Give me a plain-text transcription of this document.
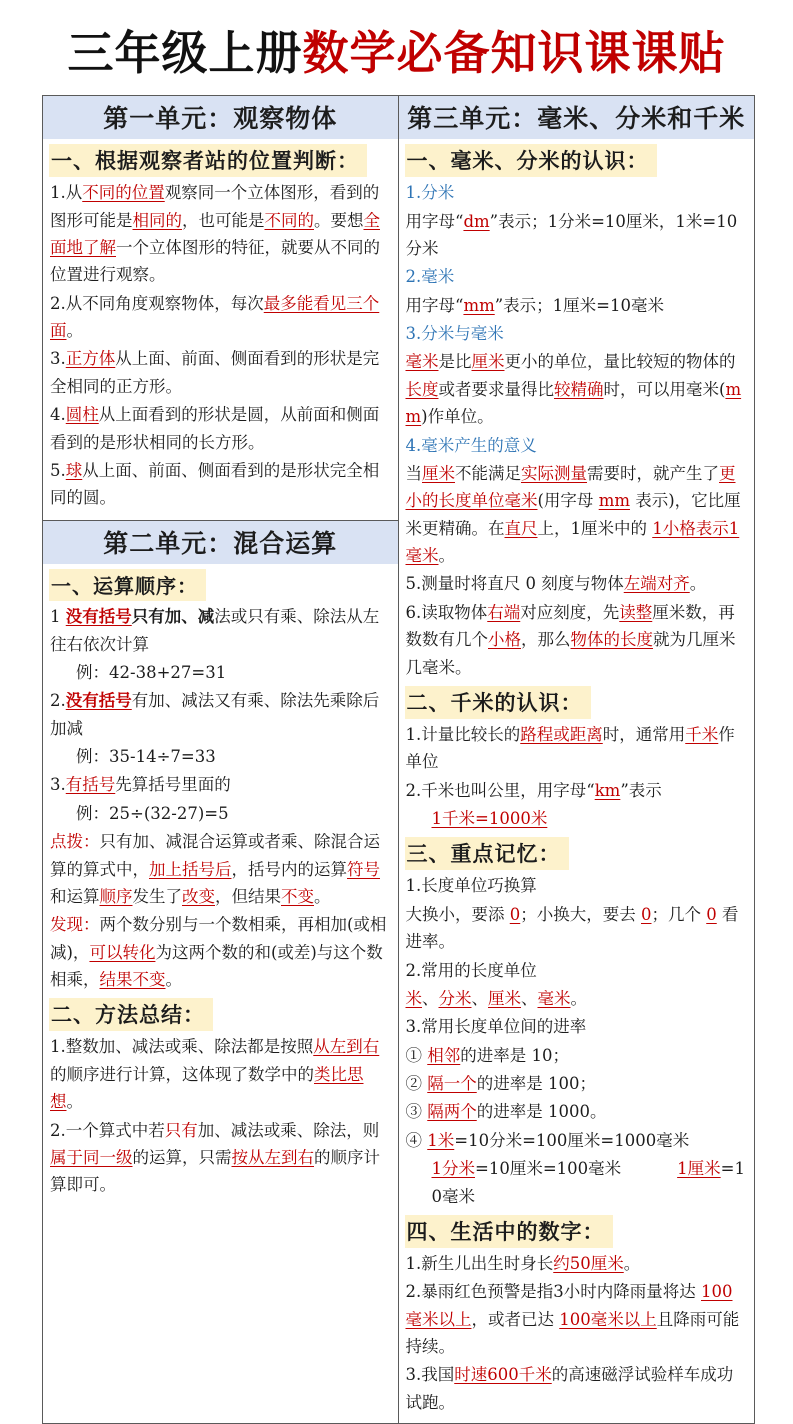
三年级上册数学必备知识课课贴
第一单元：观察物体
一、根据观察者站的位置判断：
1.从不同的位置观察同一个立体图形，看到的图形可能是相同的，也可能是不同的。要想全面地了解一个立体图形的特征，就要从不同的位置进行观察。
2.从不同角度观察物体，每次最多能看见三个面。
3.正方体从上面、前面、侧面看到的形状是完全相同的正方形。
4.圆柱从上面看到的形状是圆，从前面和侧面看到的是形状相同的长方形。
5.球从上面、前面、侧面看到的是形状完全相同的圆。
第二单元：混合运算
一、运算顺序：
1 没有括号只有加、减法或只有乘、除法从左往右依次计算
例：42-38+27=31
2.没有括号有加、减法又有乘、除法先乘除后加减
例：35-14÷7=33
3.有括号先算括号里面的
例：25÷(32-27)=5
点拨：只有加、减混合运算或者乘、除混合运算的算式中，加上括号后，括号内的运算符号和运算顺序发生了改变，但结果不变。
发现：两个数分别与一个数相乘，再相加(或相减)，可以转化为这两个数的和(或差)与这个数相乘，结果不变。
二、方法总结：
1.整数加、减法或乘、除法都是按照从左到右的顺序进行计算，这体现了数学中的类比思想。
2.一个算式中若只有加、减法或乘、除法，则属于同一级的运算，只需按从左到右的顺序计算即可。
第三单元：毫米、分米和千米
一、毫米、分米的认识：
1.分米
用字母“dm”表示；1分米=10厘米，1米=10分米
2.毫米
用字母“mm”表示；1厘米=10毫米
3.分米与毫米
毫米是比厘米更小的单位，量比较短的物体的长度或者要求量得比较精确时，可以用毫米(mm)作单位。
4.毫米产生的意义
当厘米不能满足实际测量需要时，就产生了更小的长度单位毫米(用字母 mm 表示)，它比厘米更精确。在直尺上，1厘米中的 1小格表示1毫米。
5.测量时将直尺 0 刻度与物体左端对齐。
6.读取物体右端对应刻度，先读整厘米数，再数数有几个小格，那么物体的长度就为几厘米几毫米。
二、千米的认识：
1.计量比较长的路程或距离时，通常用千米作单位
2.千米也叫公里，用字母“km”表示
1千米=1000米
三、重点记忆：
1.长度单位巧换算
大换小，要添 0；小换大，要去 0；几个 0 看进率。
2.常用的长度单位
米、分米、厘米、毫米。
3.常用长度单位间的进率
① 相邻的进率是 10；
② 隔一个的进率是 100；
③ 隔两个的进率是 1000。
④ 1米=10分米=100厘米=1000毫米
1分米=10厘米=100毫米	1厘米=10毫米
四、生活中的数字：
1.新生儿出生时身长约50厘米。
2.暴雨红色预警是指3小时内降雨量将达 100毫米以上，或者已达 100毫米以上且降雨可能持续。
3.我国时速600千米的高速磁浮试验样车成功试跑。
